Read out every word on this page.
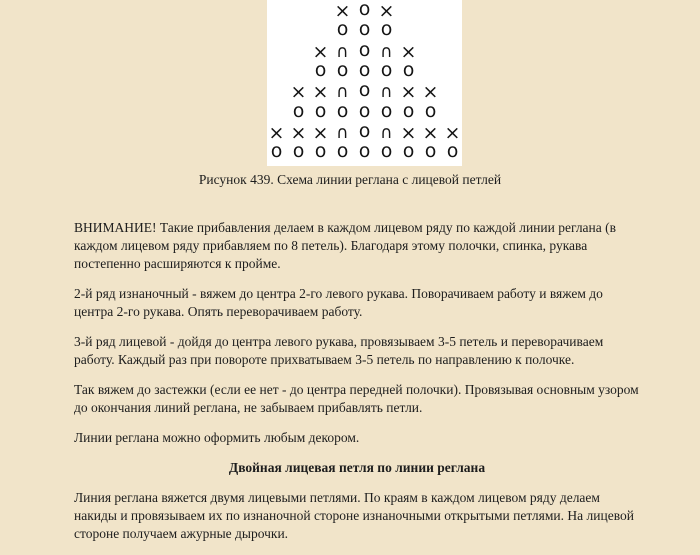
× o ×
o o o
× ∩ o ∩ ×
o o o o o
× × ∩ o ∩ × ×
o o o o o o o
× × × ∩ o ∩ × × ×
o o o o o o o o o
Рисунок 439. Схема линии реглана с лицевой петлей

ВНИМАНИЕ! Такие прибавления делаем в каждом лицевом ряду по каждой линии реглана (в каждом лицевом ряду прибавляем по 8 петель). Благодаря этому полочки, спинка, рукава постепенно расширяются к пройме.

2-й ряд изнаночный - вяжем до центра 2-го левого рукава. Поворачиваем работу и вяжем до центра 2-го рукава. Опять переворачиваем работу.

3-й ряд лицевой - дойдя до центра левого рукава, провязываем 3-5 петель и переворачиваем работу. Каждый раз при повороте прихватываем 3-5 петель по направлению к полочке.

Так вяжем до застежки (если ее нет - до центра передней полочки). Провязывая основным узором до окончания линий реглана, не забываем прибавлять петли.

Линии реглана можно оформить любым декором.

Двойная лицевая петля по линии реглана

Линия реглана вяжется двумя лицевыми петлями. По краям в каждом лицевом ряду делаем накиды и провязываем их по изнаночной стороне изнаночными открытыми петлями. На лицевой стороне получаем ажурные дырочки.
